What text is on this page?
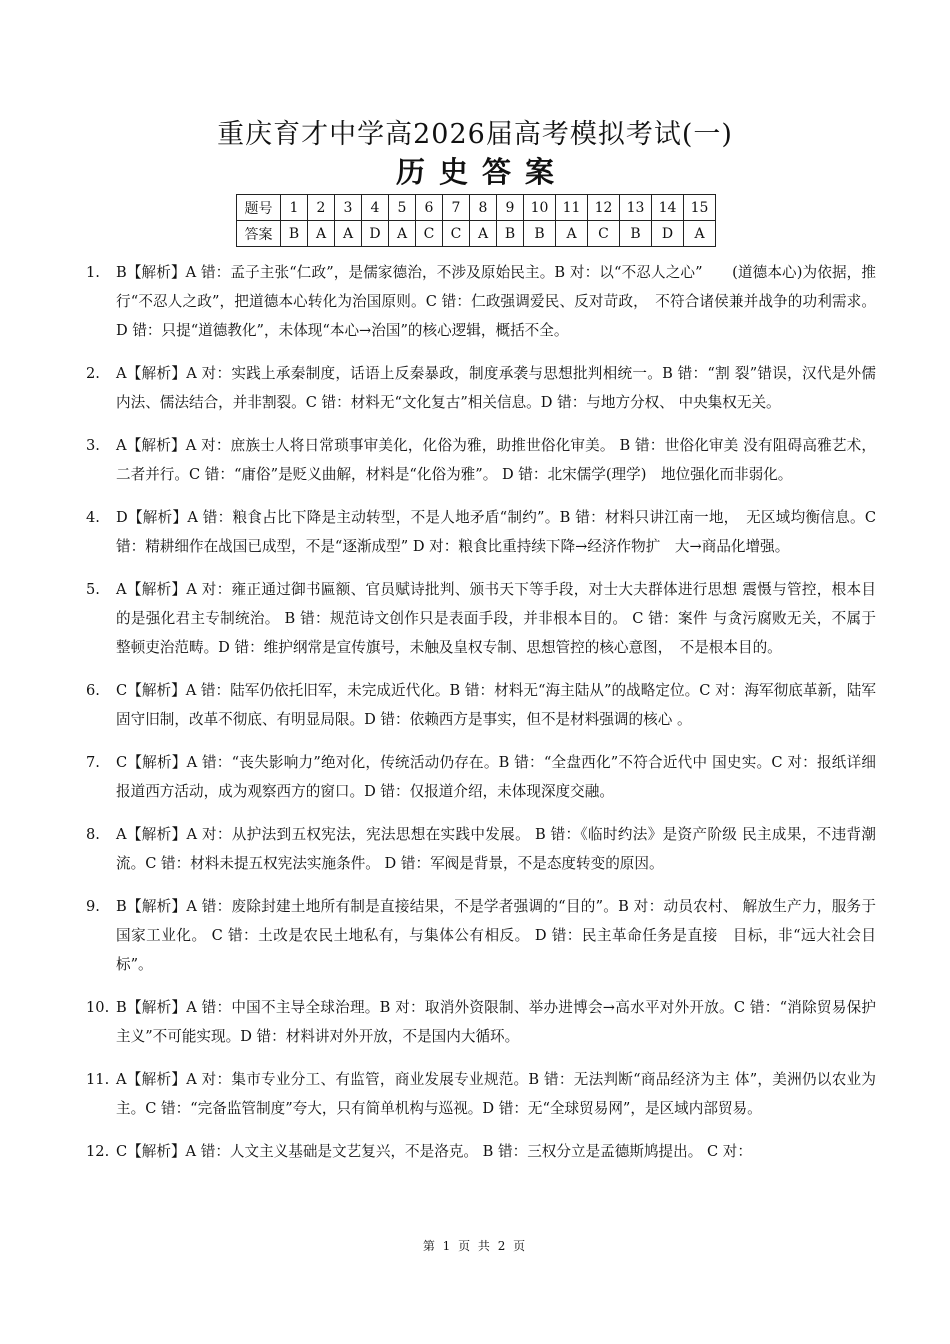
重庆育才中学高2026届高考模拟考试(一)
历史答案
题号	1	2	3	4	5	6	7	8	9	10	11	12	13	14	15
答案	B	A	A	D	A	C	C	A	B	B	A	C	B	D	A
1.	B【解析】A 错：孟子主张“仁政”，是儒家德治，不涉及原始民主。B 对：以“不忍人之心”　　(道德本心)为依据，推行“不忍人之政”，把道德本心转化为治国原则。C 错：仁政强调爱民、反对苛政，　不符合诸侯兼并战争的功利需求。D 错：只提“道德教化”，未体现“本心→治国”的核心逻辑，概括不全。
2.	A【解析】A 对：实践上承秦制度，话语上反秦暴政，制度承袭与思想批判相统一。B 错：“割 裂”错误，汉代是外儒内法、儒法结合，并非割裂。C 错：材料无“文化复古”相关信息。D 错：与地方分权、 中央集权无关。
3.	A【解析】A 对：庶族士人将日常琐事审美化，化俗为雅，助推世俗化审美。 B 错：世俗化审美 没有阻碍高雅艺术，二者并行。C 错：“庸俗”是贬义曲解，材料是“化俗为雅”。 D 错：北宋儒学(理学)　地位强化而非弱化。
4.	D【解析】A 错：粮食占比下降是主动转型，不是人地矛盾“制约”。B 错：材料只讲江南一地，　无区域均衡信息。C 错：精耕细作在战国已成型，不是“逐渐成型” D 对：粮食比重持续下降→经济作物扩　大→商品化增强。
5.	A【解析】A 对：雍正通过御书匾额、官员赋诗批判、颁书天下等手段，对士大夫群体进行思想 震慑与管控，根本目的是强化君主专制统治。 B 错：规范诗文创作只是表面手段，并非根本目的。 C 错：案件 与贪污腐败无关，不属于整顿吏治范畴。D 错：维护纲常是宣传旗号，未触及皇权专制、思想管控的核心意图，　不是根本目的。
6.	C【解析】A 错：陆军仍依托旧军，未完成近代化。B 错：材料无“海主陆从”的战略定位。C 对：海军彻底革新，陆军固守旧制，改革不彻底、有明显局限。D 错：依赖西方是事实，但不是材料强调的核心 。
7.	C【解析】A 错：“丧失影响力”绝对化，传统活动仍存在。B 错：“全盘西化”不符合近代中 国史实。C 对：报纸详细报道西方活动，成为观察西方的窗口。D 错：仅报道介绍，未体现深度交融。
8.	A【解析】A 对：从护法到五权宪法，宪法思想在实践中发展。 B 错：《临时约法》是资产阶级 民主成果，不违背潮流。C 错：材料未提五权宪法实施条件。 D 错：军阀是背景，不是态度转变的原因。
9.	B【解析】A 错：废除封建土地所有制是直接结果，不是学者强调的“目的”。B 对：动员农村、 解放生产力，服务于国家工业化。 C 错：土改是农民土地私有，与集体公有相反。 D 错：民主革命任务是直接　目标，非“远大社会目标”。
10. B【解析】A 错：中国不主导全球治理。B 对：取消外资限制、举办进博会→高水平对外开放。C 错：“消除贸易保护主义”不可能实现。D 错：材料讲对外开放，不是国内大循环。
11. A【解析】A 对：集市专业分工、有监管，商业发展专业规范。B 错：无法判断“商品经济为主 体”，美洲仍以农业为主。C 错：“完备监管制度”夸大，只有简单机构与巡视。D 错：无“全球贸易网”，是区域内部贸易。
12. C【解析】A 错：人文主义基础是文艺复兴，不是洛克。 B 错：三权分立是孟德斯鸠提出。 C 对：
第 1 页 共 2 页
